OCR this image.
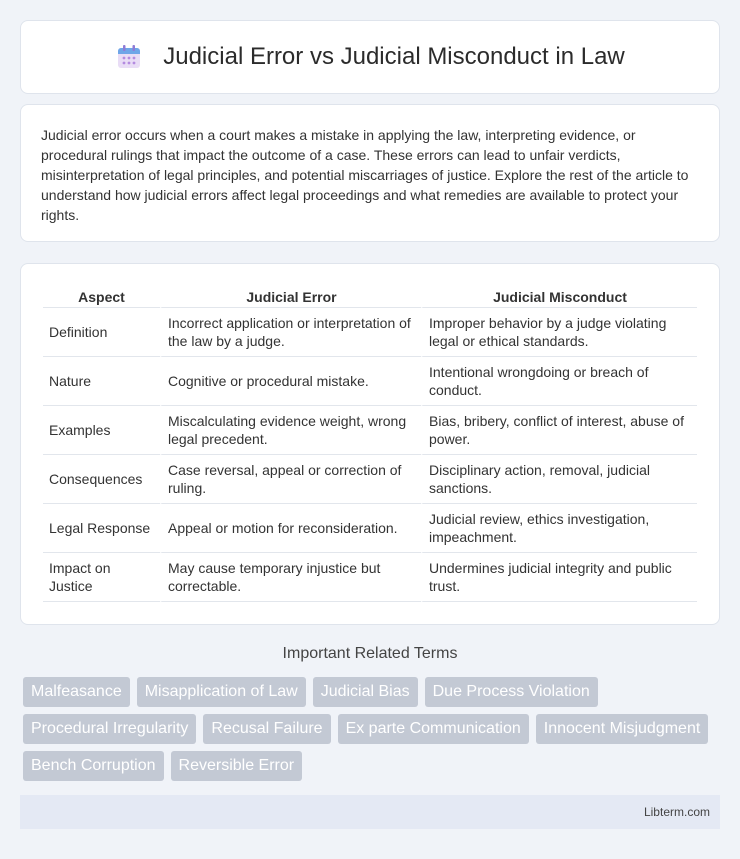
Judicial Error vs Judicial Misconduct in Law

Judicial error occurs when a court makes a mistake in applying the law, interpreting evidence, or procedural rulings that impact the outcome of a case. These errors can lead to unfair verdicts, misinterpretation of legal principles, and potential miscarriages of justice. Explore the rest of the article to understand how judicial errors affect legal proceedings and what remedies are available to protect your rights.

Aspect	Judicial Error	Judicial Misconduct
Definition	Incorrect application or interpretation of the law by a judge.	Improper behavior by a judge violating legal or ethical standards.
Nature	Cognitive or procedural mistake.	Intentional wrongdoing or breach of conduct.
Examples	Miscalculating evidence weight, wrong legal precedent.	Bias, bribery, conflict of interest, abuse of power.
Consequences	Case reversal, appeal or correction of ruling.	Disciplinary action, removal, judicial sanctions.
Legal Response	Appeal or motion for reconsideration.	Judicial review, ethics investigation, impeachment.
Impact on Justice	May cause temporary injustice but correctable.	Undermines judicial integrity and public trust.
Important Related Terms
Malfeasance	Misapplication of Law	Judicial Bias	Due Process Violation
Procedural Irregularity	Recusal Failure	Ex parte Communication	Innocent Misjudgment
Bench Corruption	Reversible Error
Libterm.com
